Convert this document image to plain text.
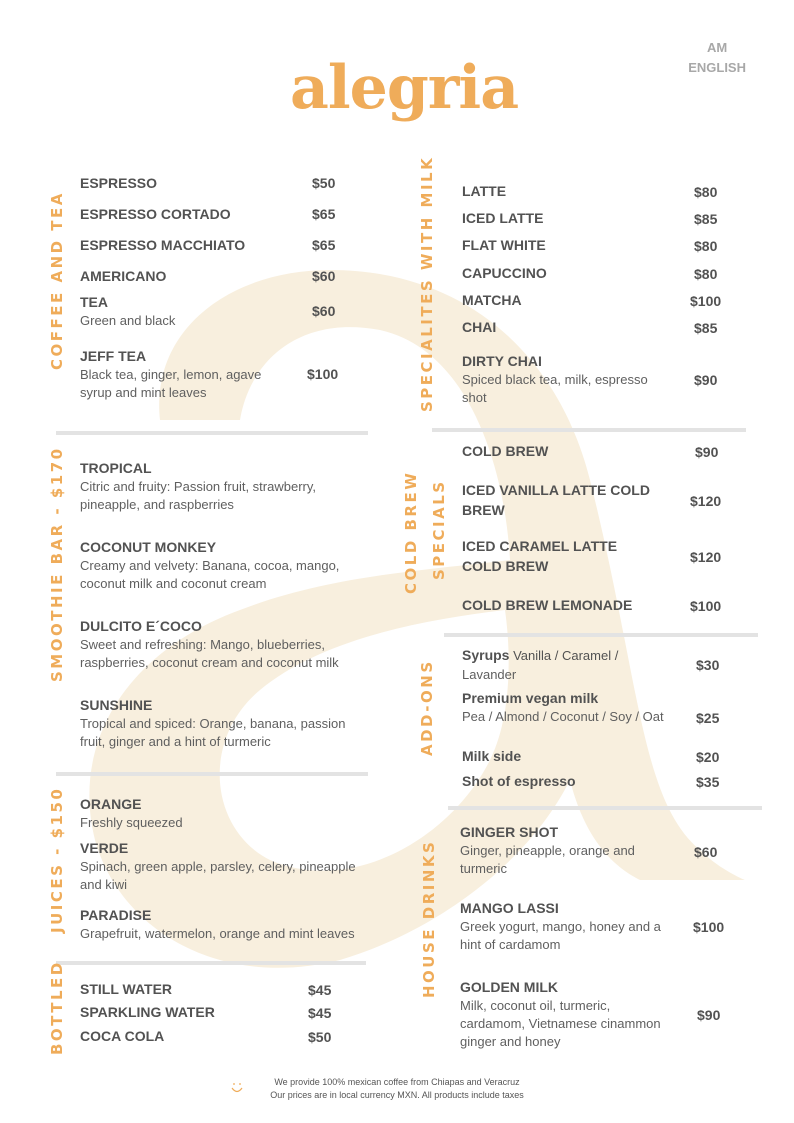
alegria
AM
ENGLISH
COFFEE AND TEA
ESPRESSO	$50
ESPRESSO CORTADO	$65
ESPRESSO MACCHIATO	$65
AMERICANO	$60
TEA
Green and black
$60
JEFF TEA
Black tea, ginger, lemon, agave
syrup and mint leaves
$100
SMOOTHIE BAR - $170 TROPICAL
Citric and fruity: Passion fruit, strawberry,
pineapple, and raspberries
COCONUT MONKEY
Creamy and velvety: Banana, cocoa, mango,
coconut milk and coconut cream
DULCITO E´COCO
Sweet and refreshing: Mango, blueberries,
raspberries, coconut cream and coconut milk
SUNSHINE
Tropical and spiced: Orange, banana, passion
fruit, ginger and a hint of turmeric
JUICES - $150 ORANGE
Freshly squeezed
VERDE
Spinach, green apple, parsley, celery, pineapple
and kiwi
PARADISE
Grapefruit, watermelon, orange and mint leaves
BOTTLED STILL WATER	$45
SPARKLING WATER	$45
COCA COLA	$50
SPECIALITES WITH MILK LATTE	$80
ICED LATTE	$85
FLAT WHITE	$80
CAPUCCINO	$80
MATCHA	$100
CHAI	$85
DIRTY CHAI
Spiced black tea, milk, espresso
shot
$90
COLD BREW SPECIALS
COLD BREW	$90
ICED VANILLA LATTE COLD
BREW
$120
ICED CARAMEL LATTE
COLD BREW
$120
COLD BREW LEMONADE	$100
ADD-ONS
Syrups Vanilla / Caramel /
Lavander
$30
Premium vegan milk
Pea / Almond / Coconut / Soy / Oat $25
Milk side	$20
Shot of espresso	$35
HOUSE DRINKS
GINGER SHOT
Ginger, pineapple, orange and
turmeric
$60
MANGO LASSI
Greek yogurt, mango, honey and a
hint of cardamom
$100
GOLDEN MILK
Milk, coconut oil, turmeric,
cardamom, Vietnamese cinammon
ginger and honey
$90
We provide 100% mexican coffee from Chiapas and Veracruz
Our prices are in local currency MXN. All products include taxes
